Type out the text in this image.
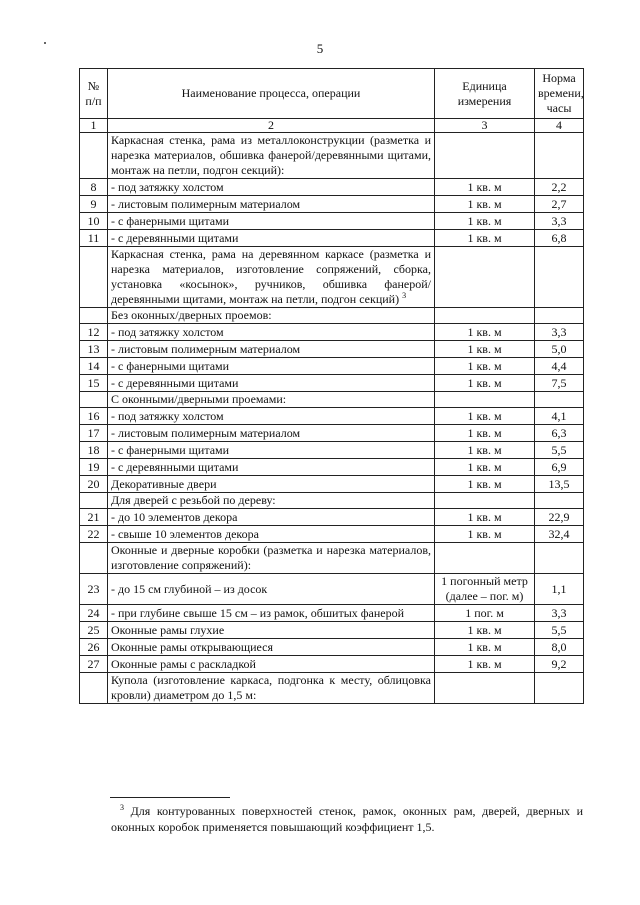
5
№ п/п	Наименование процесса, операции	Единица измерения	Норма времени, часы
1	2	3	4
	Каркасная стенка, рама из металлоконструкции (разметка и нарезка материалов, обшивка фанерой/деревянными щитами, монтаж на петли, подгон секций):		
8	- под затяжку холстом	1 кв. м	2,2
9	- листовым полимерным материалом	1 кв. м	2,7
10	- с фанерными щитами	1 кв. м	3,3
11	- с деревянными щитами	1 кв. м	6,8
	Каркасная стенка, рама на деревянном каркасе (разметка и нарезка материалов, изготовление сопряжений, сборка, установка «косынок», ручников, обшивка фанерой/деревянными щитами, монтаж на петли, подгон секций) $^3$		
	Без оконных/дверных проемов:		
12	- под затяжку холстом	1 кв. м	3,3
13	- листовым полимерным материалом	1 кв. м	5,0
14	- с фанерными щитами	1 кв. м	4,4
15	- с деревянными щитами	1 кв. м	7,5
	С оконными/дверными проемами:		
16	- под затяжку холстом	1 кв. м	4,1
17	- листовым полимерным материалом	1 кв. м	6,3
18	- с фанерными щитами	1 кв. м	5,5
19	- с деревянными щитами	1 кв. м	6,9
20	Декоративные двери	1 кв. м	13,5
	Для дверей с резьбой по дереву:		
21	- до 10 элементов декора	1 кв. м	22,9
22	- свыше 10 элементов декора	1 кв. м	32,4
	Оконные и дверные коробки (разметка и нарезка материалов, изготовление сопряжений):		
23	- до 15 см глубиной – из досок	1 погонный метр (далее – пог. м)	1,1
24	- при глубине свыше 15 см – из рамок, обшитых фанерой	1 пог. м	3,3
25	Оконные рамы глухие	1 кв. м	5,5
26	Оконные рамы открывающиеся	1 кв. м	8,0
27	Оконные рамы с раскладкой	1 кв. м	9,2
	Купола (изготовление каркаса, подгонка к месту, облицовка кровли) диаметром до 1,5 м:		
$^3$ Для контурованных поверхностей стенок, рамок, оконных рам, дверей, дверных и оконных коробок применяется повышающий коэффициент 1,5.
